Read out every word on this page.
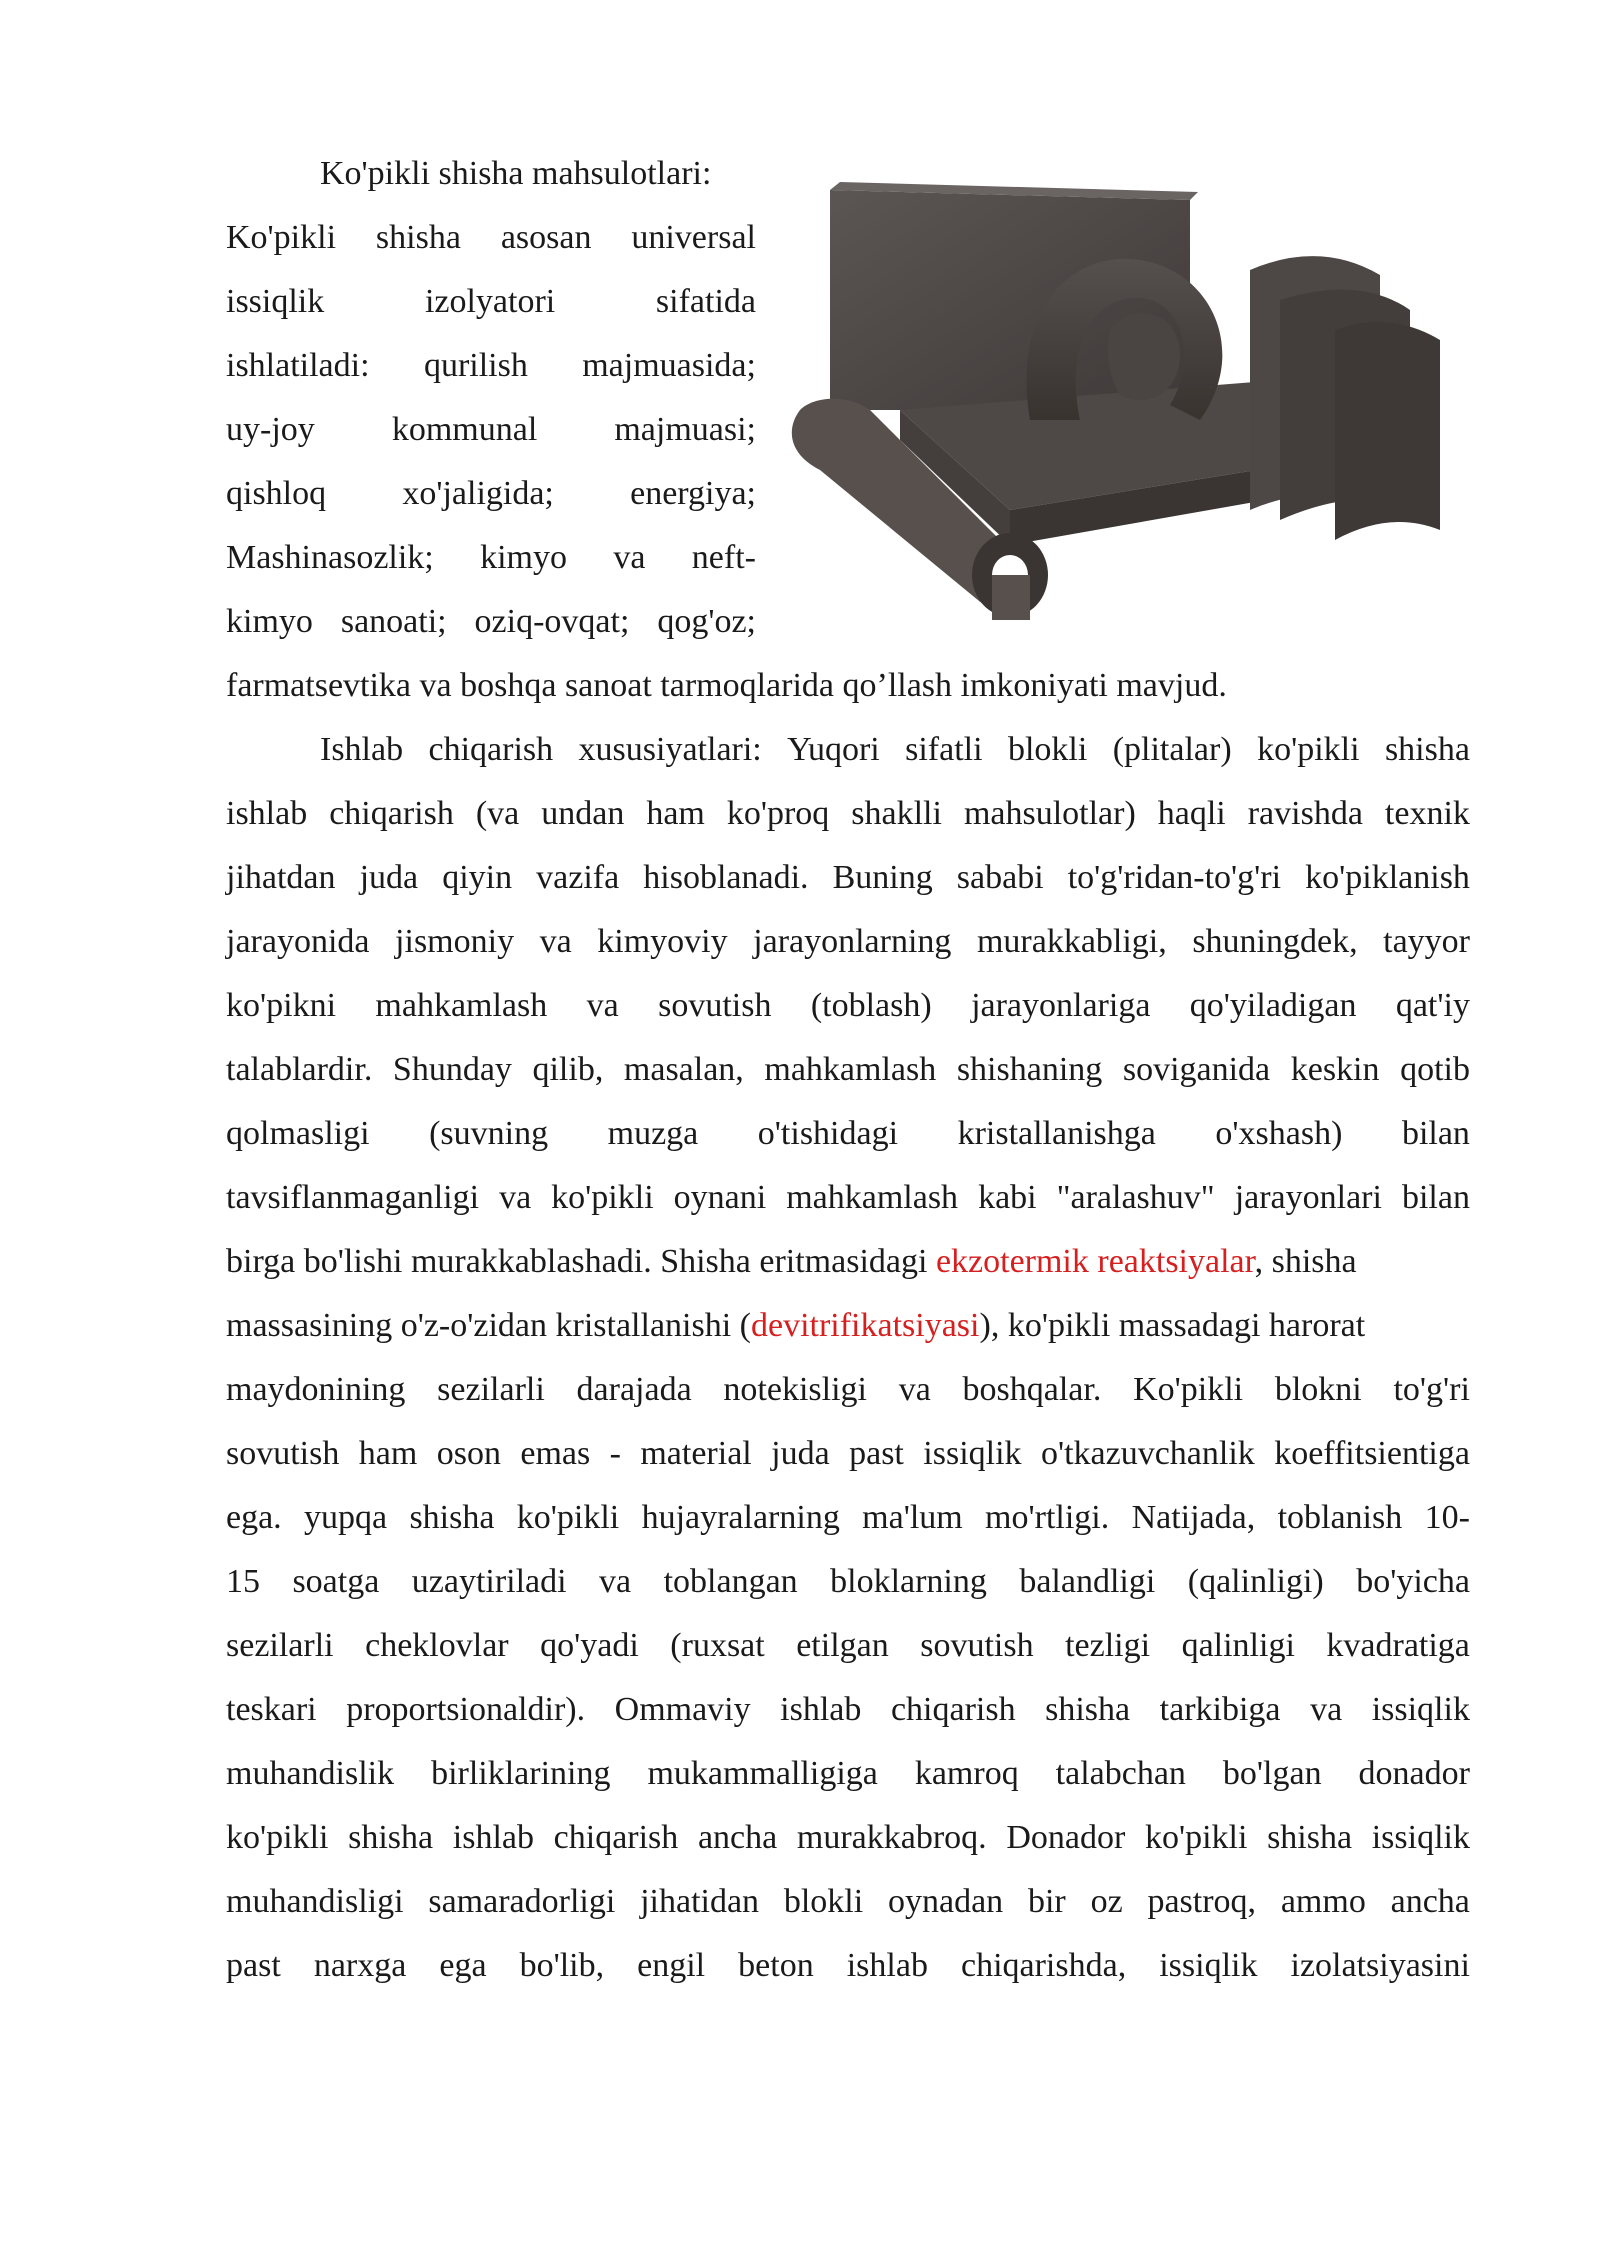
Ko'pikli shisha mahsulotlari:
Ko'pikli shisha asosan universal
issiqlik	izolyatori	sifatida
ishlatiladi: qurilish majmuasida;
uy-joy kommunal majmuasi;
qishloq xo'jaligida; energiya;
Mashinasozlik; kimyo va neft-
kimyo sanoati; oziq-ovqat; qog'oz;
farmatsevtika va boshqa sanoat tarmoqlarida qo’llash imkoniyati mavjud.
Ishlab chiqarish xususiyatlari: Yuqori sifatli blokli (plitalar) ko'pikli shisha
ishlab chiqarish (va undan ham ko'proq shaklli mahsulotlar) haqli ravishda texnik
jihatdan juda qiyin vazifa hisoblanadi. Buning sababi to'g'ridan-to'g'ri ko'piklanish
jarayonida jismoniy va kimyoviy jarayonlarning murakkabligi, shuningdek, tayyor
ko'pikni mahkamlash va sovutish (toblash) jarayonlariga qo'yiladigan qat'iy
talablardir. Shunday qilib, masalan, mahkamlash shishaning soviganida keskin qotib
qolmasligi (suvning muzga o'tishidagi kristallanishga o'xshash) bilan
tavsiflanmaganligi va ko'pikli oynani mahkamlash kabi "aralashuv" jarayonlari bilan
birga bo'lishi murakkablashadi. Shisha eritmasidagi ekzotermik reaktsiyalar, shisha
massasining o'z-o'zidan kristallanishi (devitrifikatsiyasi), ko'pikli massadagi harorat
maydonining sezilarli darajada notekisligi va boshqalar. Ko'pikli blokni to'g'ri
sovutish ham oson emas - material juda past issiqlik o'tkazuvchanlik koeffitsientiga
ega. yupqa shisha ko'pikli hujayralarning ma'lum mo'rtligi. Natijada, toblanish 10-
15 soatga uzaytiriladi va toblangan bloklarning balandligi (qalinligi) bo'yicha
sezilarli cheklovlar qo'yadi (ruxsat etilgan sovutish tezligi qalinligi kvadratiga
teskari proportsionaldir). Ommaviy ishlab chiqarish shisha tarkibiga va issiqlik
muhandislik birliklarining mukammalligiga kamroq talabchan bo'lgan donador
ko'pikli shisha ishlab chiqarish ancha murakkabroq. Donador ko'pikli shisha issiqlik
muhandisligi samaradorligi jihatidan blokli oynadan bir oz pastroq, ammo ancha
past narxga ega bo'lib, engil beton ishlab chiqarishda, issiqlik izolatsiyasini
